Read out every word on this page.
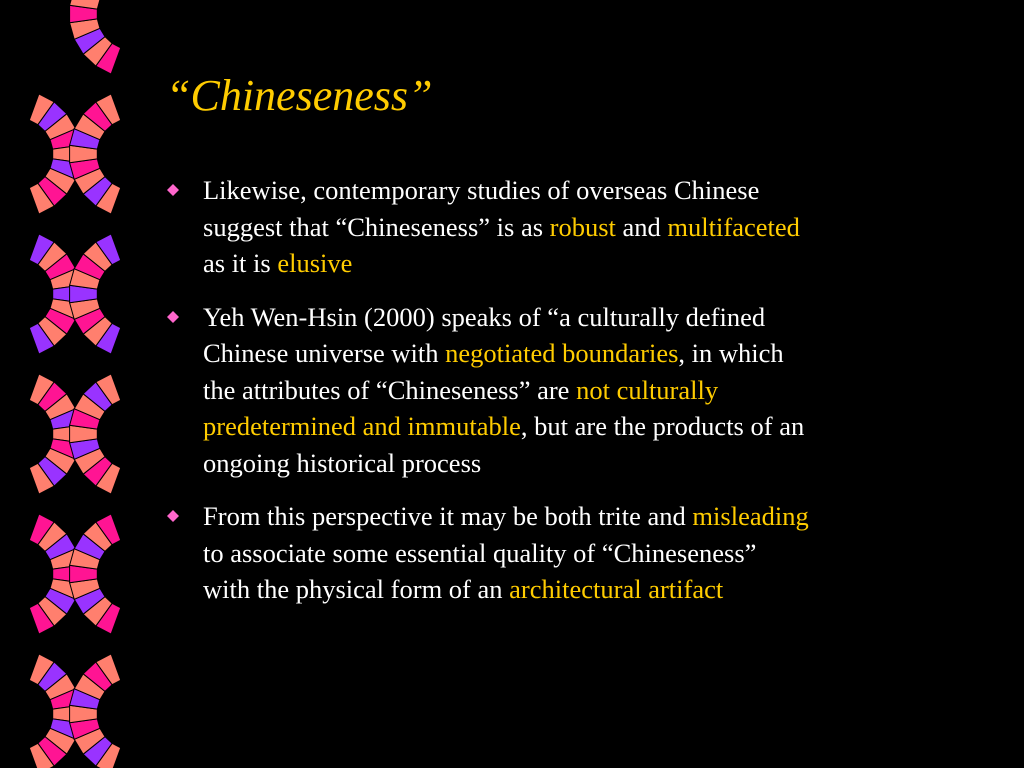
“Chineseness”
Likewise, contemporary studies of overseas Chinese
suggest that “Chineseness” is as robust and multifaceted
as it is elusive
Yeh Wen-Hsin (2000) speaks of “a culturally defined
Chinese universe with negotiated boundaries, in which
the attributes of “Chineseness” are not culturally
predetermined and immutable, but are the products of an
ongoing historical process
From this perspective it may be both trite and misleading
to associate some essential quality of “Chineseness”
with the physical form of an architectural artifact
